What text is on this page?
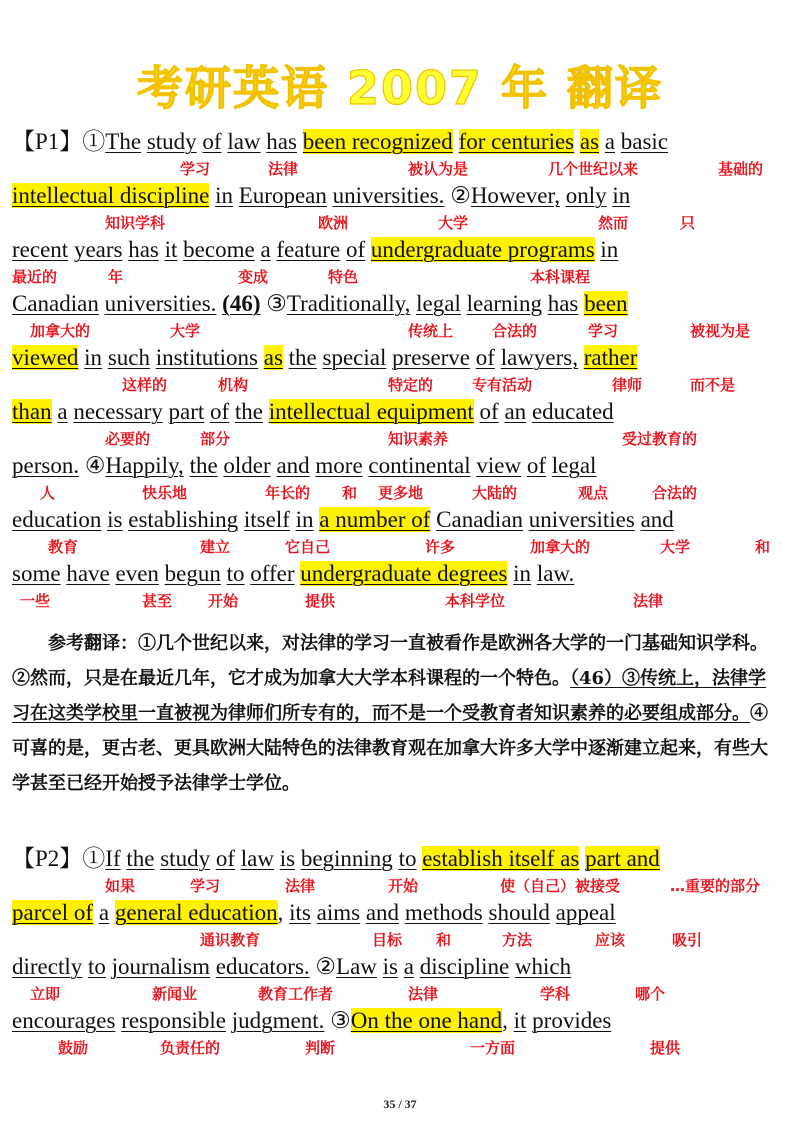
考研英语 2007 年 翻译
【P1】①The study of law has been recognized for centuries as a basic
学习	法律	被认为是	几个世纪以来	基础的
intellectual discipline in European universities. ②However, only in
知识学科	欧洲	大学	然而	只
recent years has it become a feature of undergraduate programs in
最近的	年	变成	特色	本科课程
Canadian universities. (46) ③Traditionally, legal learning has been
加拿大的	大学	传统上	合法的	学习	被视为是
viewed in such institutions as the special preserve of lawyers, rather
这样的	机构	特定的	专有活动	律师	而不是
than a necessary part of the intellectual equipment of an educated
必要的	部分	知识素养	受过教育的
person. ④Happily, the older and more continental view of legal
人	快乐地	年长的 和 更多地	大陆的	观点	合法的
education is establishing itself in a number of Canadian universities and
教育	建立	它自己	许多	加拿大的	大学	和
some have even begun to offer undergraduate degrees in law.
一些	甚至 开始	提供	本科学位	法律
参考翻译：①几个世纪以来，对法律的学习一直被看作是欧洲各大学的一门基础知识学科。②然而，只是在最近几年，它才成为加拿大大学本科课程的一个特色。（46）③传统上，法律学习在这类学校里一直被视为律师们所专有的，而不是一个受教育者知识素养的必要组成部分。④可喜的是，更古老、更具欧洲大陆特色的法律教育观在加拿大许多大学中逐渐建立起来，有些大学甚至已经开始授予法律学士学位。
【P2】①If the study of law is beginning to establish itself as part and
如果	学习	法律	开始	使（自己）被接受	…重要的部分
parcel of a general education, its aims and methods should appeal
通识教育	目标 和	方法	应该	吸引
directly to journalism educators. ②Law is a discipline which
立即	新闻业	教育工作者	法律	学科	哪个
encourages responsible judgment. ③On the one hand, it provides
鼓励	负责任的	判断	一方面	提供
35 / 37
